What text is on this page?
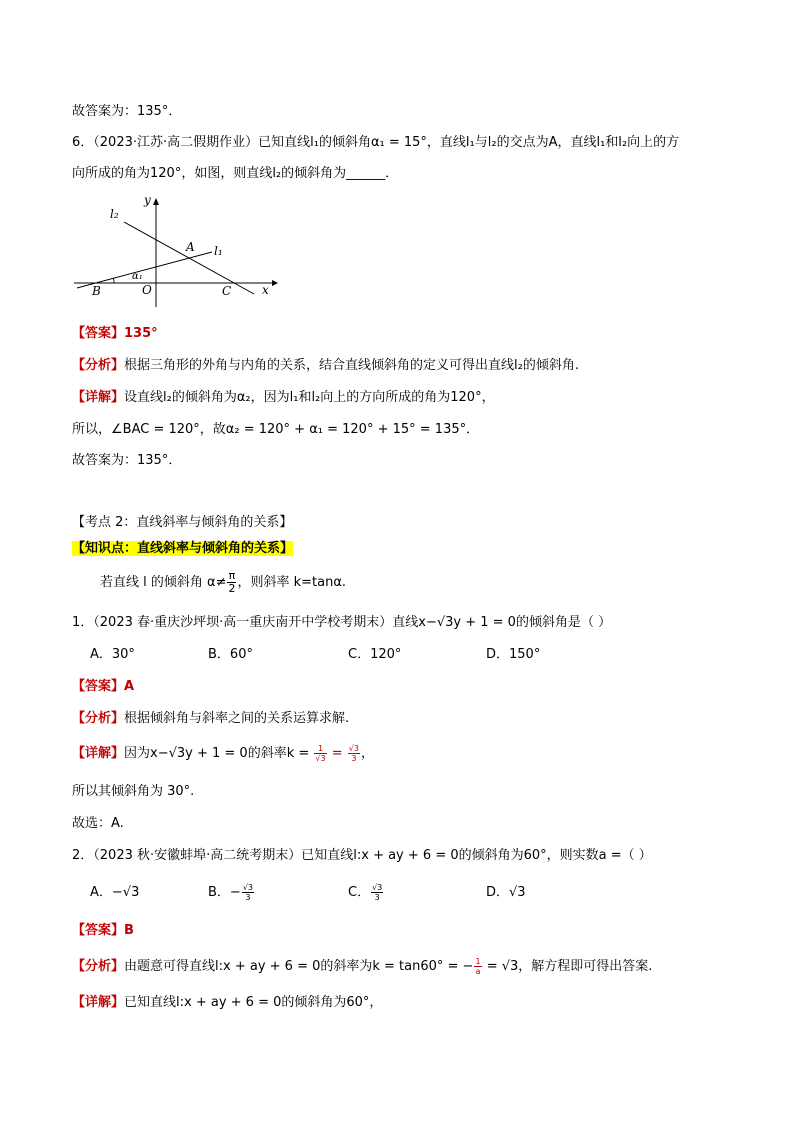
故答案为：135°．
6．（2023·江苏·高二假期作业）已知直线l₁的倾斜角α₁ = 15°，直线l₁与l₂的交点为A，直线l₁和l₂向上的方
向所成的角为120°，如图，则直线l₂的倾斜角为______．
y
x
l₂
l₁
A
B	O	C
α₁
【答案】135°
【分析】根据三角形的外角与内角的关系，结合直线倾斜角的定义可得出直线l₂的倾斜角.
【详解】设直线l₂的倾斜角为α₂，因为l₁和l₂向上的方向所成的角为120°，
所以，∠BAC = 120°，故α₂ = 120° + α₁ = 120° + 15° = 135°．
故答案为：135°．
【考点 2：直线斜率与倾斜角的关系】
【知识点：直线斜率与倾斜角的关系】
若直线 l 的倾斜角 $\alpha\ne \frac{\pi}{2}$ ，则斜率 k=tanα.
1．（2023 春·重庆沙坪坝·高一重庆南开中学校考期末）直线x−√3y + 1 = 0的倾斜角是（ ）
A．30°	B．60°	C．120°	D．150°
【答案】A
【分析】根据倾斜角与斜率之间的关系运算求解.
【详解】因为x−√3y + 1 = 0的斜率$k = \frac{1}{√3} = \frac{√3}{3}$ ，
所以其倾斜角为 30°.
故选：A.
2．（2023 秋·安徽蚌埠·高二统考期末）已知直线l:x + ay + 6 = 0的倾斜角为60°，则实数a =（ ）
A．−√3	B．− $\frac{√3}{3}$	C． $\frac{√3}{3}$	D．√3
【答案】B
【分析】由题意可得直线l:x + ay + 6 = 0的斜率为k = tan60° = − $\frac{1}{a} = √3$，解方程即可得出答案.
【详解】已知直线l:x + ay + 6 = 0的倾斜角为60°，
